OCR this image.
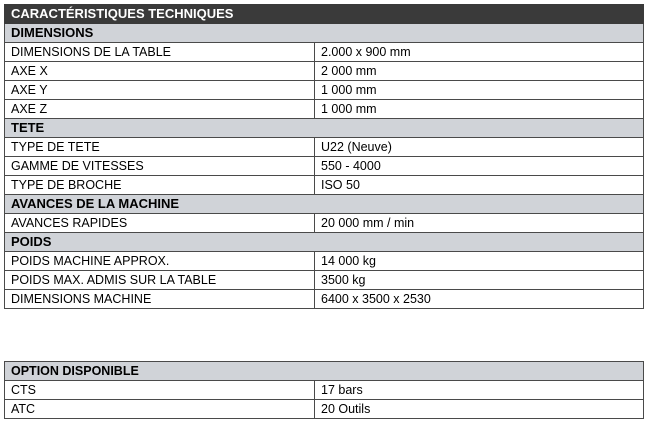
CARACTÉRISTIQUES TECHNIQUES	
DIMENSIONS	
DIMENSIONS DE LA TABLE	2.000 x 900 mm
AXE X	2 000 mm
AXE Y	1 000 mm
AXE Z	1 000 mm
TETE	
TYPE DE TETE	U22 (Neuve)
GAMME DE VITESSES	550 - 4000
TYPE DE BROCHE	ISO 50
AVANCES DE LA MACHINE	
AVANCES RAPIDES	20 000 mm / min
POIDS	
POIDS MACHINE APPROX.	14 000 kg
POIDS MAX. ADMIS SUR LA TABLE	3500 kg
DIMENSIONS MACHINE	6400 x 3500 x 2530
OPTION DISPONIBLE	
CTS	17 bars
ATC	20 Outils
